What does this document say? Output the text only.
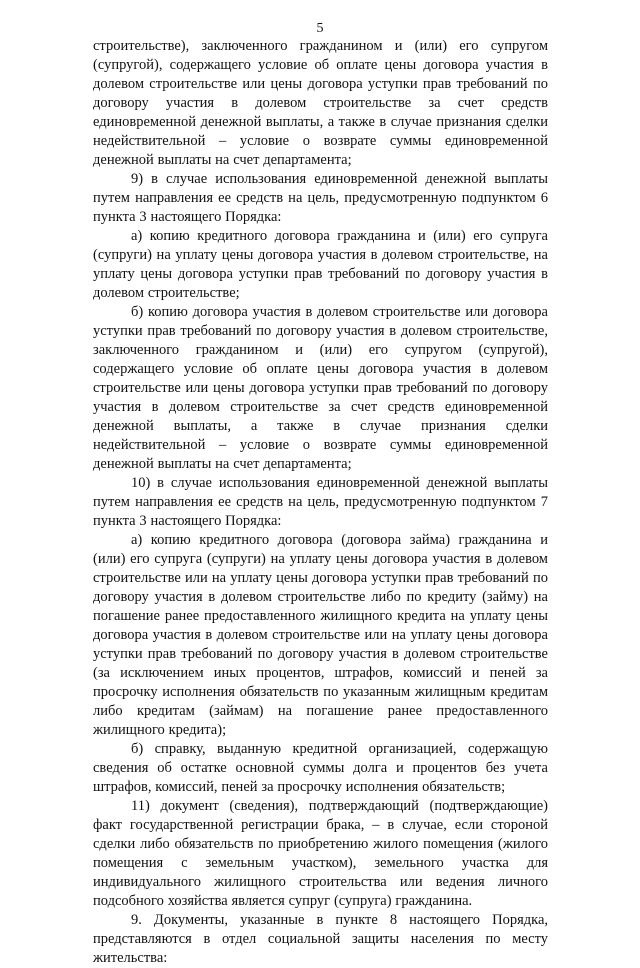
5

строительстве), заключенного гражданином и (или) его супругом (супругой), содержащего условие об оплате цены договора участия в долевом строительстве или цены договора уступки прав требований по договору участия в долевом строительстве за счет средств единовременной денежной выплаты, а также в случае признания сделки недействительной – условие о возврате суммы единовременной денежной выплаты на счет департамента;

9) в случае использования единовременной денежной выплаты путем направления ее средств на цель, предусмотренную подпунктом 6 пункта 3 настоящего Порядка:

а) копию кредитного договора гражданина и (или) его супруга (супруги) на уплату цены договора участия в долевом строительстве, на уплату цены договора уступки прав требований по договору участия в долевом строительстве;

б) копию договора участия в долевом строительстве или договора уступки прав требований по договору участия в долевом строительстве, заключенного гражданином и (или) его супругом (супругой), содержащего условие об оплате цены договора участия в долевом строительстве или цены договора уступки прав требований по договору участия в долевом строительстве за счет средств единовременной денежной выплаты, а также в случае признания сделки недействительной – условие о возврате суммы единовременной денежной выплаты на счет департамента;

10) в случае использования единовременной денежной выплаты путем направления ее средств на цель, предусмотренную подпунктом 7 пункта 3 настоящего Порядка:

а) копию кредитного договора (договора займа) гражданина и (или) его супруга (супруги) на уплату цены договора участия в долевом строительстве или на уплату цены договора уступки прав требований по договору участия в долевом строительстве либо по кредиту (займу) на погашение ранее предоставленного жилищного кредита на уплату цены договора участия в долевом строительстве или на уплату цены договора уступки прав требований по договору участия в долевом строительстве (за исключением иных процентов, штрафов, комиссий и пеней за просрочку исполнения обязательств по указанным жилищным кредитам либо кредитам (займам) на погашение ранее предоставленного жилищного кредита);

б) справку, выданную кредитной организацией, содержащую сведения об остатке основной суммы долга и процентов без учета штрафов, комиссий, пеней за просрочку исполнения обязательств;

11) документ (сведения), подтверждающий (подтверждающие) факт государственной регистрации брака, – в случае, если стороной сделки либо обязательств по приобретению жилого помещения (жилого помещения с земельным участком), земельного участка для индивидуального жилищного строительства или ведения личного подсобного хозяйства является супруг (супруга) гражданина.

9. Документы, указанные в пункте 8 настоящего Порядка, представляются в отдел социальной защиты населения по месту жительства:
